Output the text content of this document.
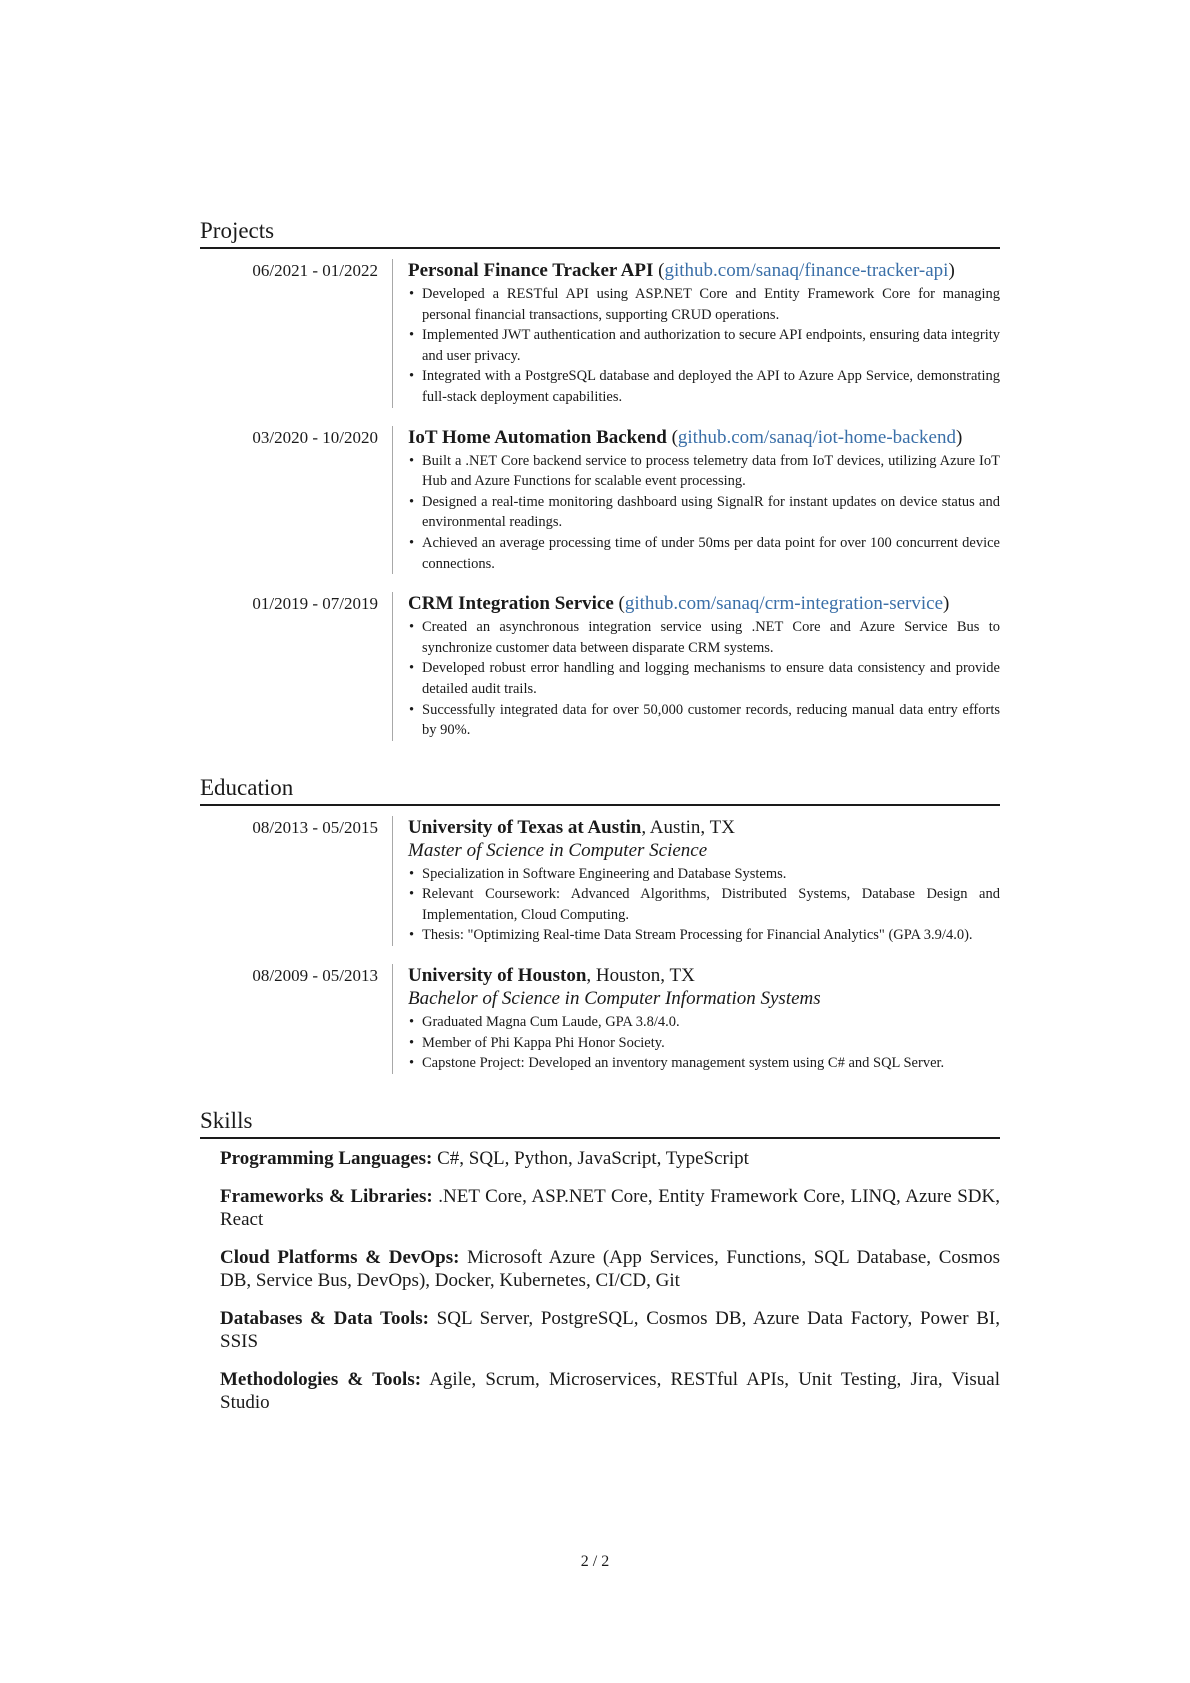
Projects
06/2021 - 01/2022	Personal Finance Tracker API (github.com/sanaq/finance-tracker-api)
• Developed a RESTful API using ASP.NET Core and Entity Framework Core for managing personal financial transactions, supporting CRUD operations.
• Implemented JWT authentication and authorization to secure API endpoints, ensuring data integrity and user privacy.
• Integrated with a PostgreSQL database and deployed the API to Azure App Service, demonstrating full-stack deployment capabilities.
03/2020 - 10/2020	IoT Home Automation Backend (github.com/sanaq/iot-home-backend)
• Built a .NET Core backend service to process telemetry data from IoT devices, utilizing Azure IoT Hub and Azure Functions for scalable event processing.
• Designed a real-time monitoring dashboard using SignalR for instant updates on device status and environmental readings.
• Achieved an average processing time of under 50ms per data point for over 100 concurrent device connections.
01/2019 - 07/2019	CRM Integration Service (github.com/sanaq/crm-integration-service)
• Created an asynchronous integration service using .NET Core and Azure Service Bus to synchronize customer data between disparate CRM systems.
• Developed robust error handling and logging mechanisms to ensure data consistency and provide detailed audit trails.
• Successfully integrated data for over 50,000 customer records, reducing manual data entry efforts by 90%.
Education
08/2013 - 05/2015	University of Texas at Austin, Austin, TX
Master of Science in Computer Science
• Specialization in Software Engineering and Database Systems.
• Relevant Coursework: Advanced Algorithms, Distributed Systems, Database Design and Implementation, Cloud Computing.
• Thesis: "Optimizing Real-time Data Stream Processing for Financial Analytics" (GPA 3.9/4.0).
08/2009 - 05/2013	University of Houston, Houston, TX
Bachelor of Science in Computer Information Systems
• Graduated Magna Cum Laude, GPA 3.8/4.0.
• Member of Phi Kappa Phi Honor Society.
• Capstone Project: Developed an inventory management system using C# and SQL Server.
Skills
Programming Languages: C#, SQL, Python, JavaScript, TypeScript
Frameworks & Libraries: .NET Core, ASP.NET Core, Entity Framework Core, LINQ, Azure SDK, React
Cloud Platforms & DevOps: Microsoft Azure (App Services, Functions, SQL Database, Cosmos DB, Service Bus, DevOps), Docker, Kubernetes, CI/CD, Git
Databases & Data Tools: SQL Server, PostgreSQL, Cosmos DB, Azure Data Factory, Power BI, SSIS
Methodologies & Tools: Agile, Scrum, Microservices, RESTful APIs, Unit Testing, Jira, Visual Studio
2 / 2
